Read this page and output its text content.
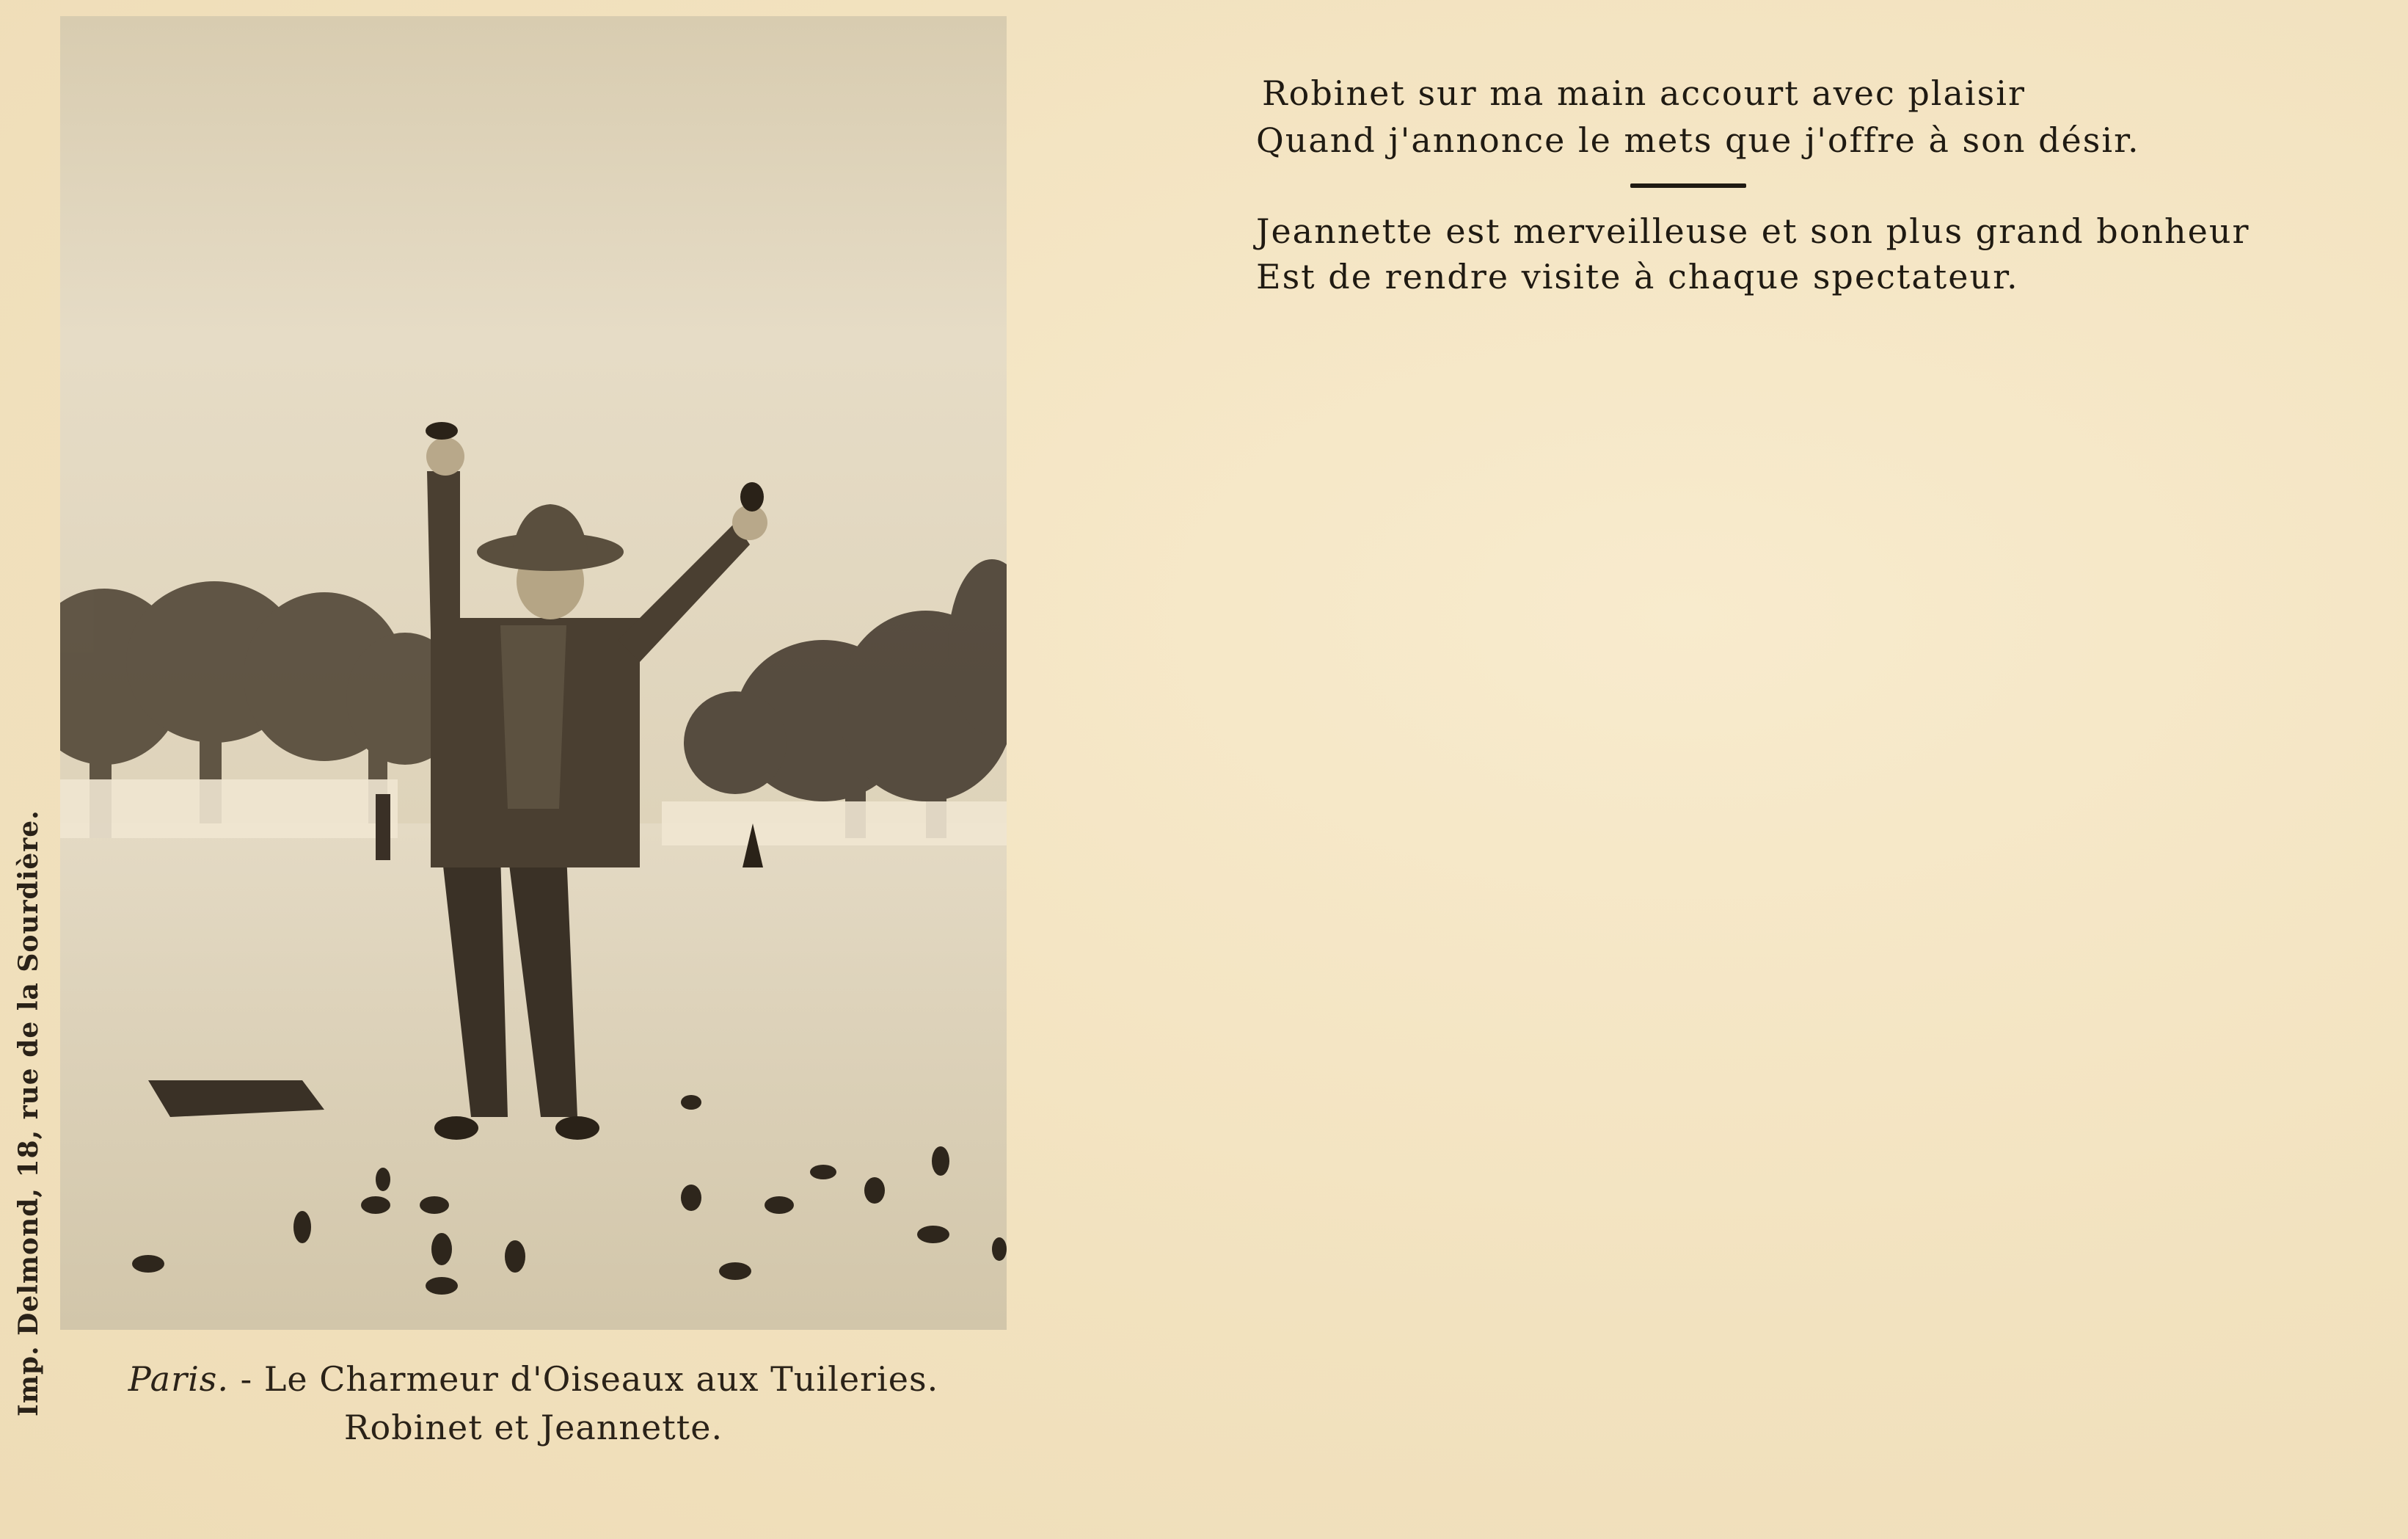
Imp. Delmond, 18, rue de la Sourdière.	Paris. - Le Charmeur d'Oiseaux aux Tuileries.
Robinet et Jeannette.
Robinet sur ma main accourt avec plaisir
Quand j'annonce le mets que j'offre à son désir.
Jeannette est merveilleuse et son plus grand bonheur
Est de rendre visite à chaque spectateur.
